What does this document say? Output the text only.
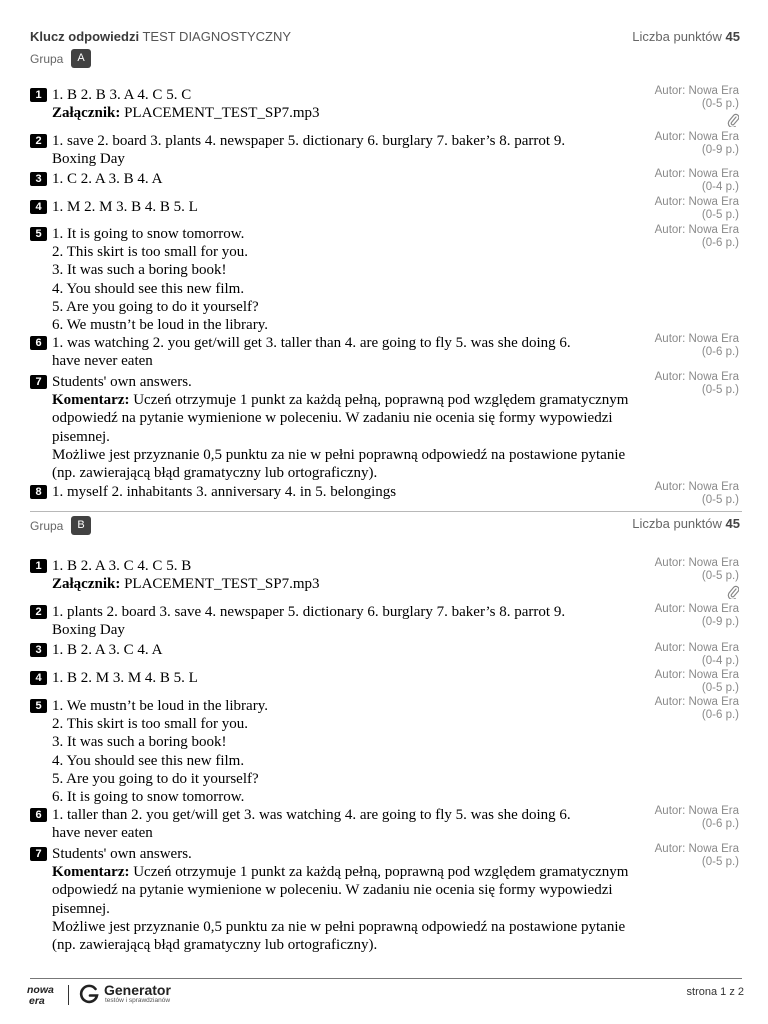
Klucz odpowiedzi TEST DIAGNOSTYCZNY	Liczba punktów 45
Grupa	A
1 1. B 2. B 3. A 4. C 5. C
Załącznik: PLACEMENT_TEST_SP7.mp3
Autor: Nowa Era
(0-5 p.)
2 1. save 2. board 3. plants 4. newspaper 5. dictionary 6. burglary 7. baker’s 8. parrot 9.
Boxing Day
Autor: Nowa Era
(0-9 p.)
3 1. C 2. A 3. B 4. A	Autor: Nowa Era
(0-4 p.)
4 1. M 2. M 3. B 4. B 5. L	Autor: Nowa Era
(0-5 p.)
5 1. It is going to snow tomorrow.
2. This skirt is too small for you.
3. It was such a boring book!
4. You should see this new film.
5. Are you going to do it yourself?
6. We mustn’t be loud in the library.
Autor: Nowa Era
(0-6 p.)
6 1. was watching 2. you get/will get 3. taller than 4. are going to fly 5. was she doing 6.
have never eaten
Autor: Nowa Era
(0-6 p.)
7 Students' own answers.
Komentarz: Uczeń otrzymuje 1 punkt za każdą pełną, poprawną pod względem gramatycznym odpowiedź na pytanie wymienione w poleceniu. W zadaniu nie ocenia się formy wypowiedzi pisemnej.
Możliwe jest przyznanie 0,5 punktu za nie w pełni poprawną odpowiedź na postawione pytanie (np. zawierającą błąd gramatyczny lub ortograficzny).
Autor: Nowa Era
(0-5 p.)
8 1. myself 2. inhabitants 3. anniversary 4. in 5. belongings	Autor: Nowa Era
(0-5 p.)
Grupa	B	Liczba punktów 45
1 1. B 2. A 3. C 4. C 5. B
Załącznik: PLACEMENT_TEST_SP7.mp3
Autor: Nowa Era
(0-5 p.)
2 1. plants 2. board 3. save 4. newspaper 5. dictionary 6. burglary 7. baker’s 8. parrot 9.
Boxing Day
Autor: Nowa Era
(0-9 p.)
3 1. B 2. A 3. C 4. A	Autor: Nowa Era
(0-4 p.)
4 1. B 2. M 3. M 4. B 5. L	Autor: Nowa Era
(0-5 p.)
5 1. We mustn’t be loud in the library.
2. This skirt is too small for you.
3. It was such a boring book!
4. You should see this new film.
5. Are you going to do it yourself?
6. It is going to snow tomorrow.
Autor: Nowa Era
(0-6 p.)
6 1. taller than 2. you get/will get 3. was watching 4. are going to fly 5. was she doing 6.
have never eaten
Autor: Nowa Era
(0-6 p.)
7 Students' own answers.
Komentarz: Uczeń otrzymuje 1 punkt za każdą pełną, poprawną pod względem gramatycznym odpowiedź na pytanie wymienione w poleceniu. W zadaniu nie ocenia się formy wypowiedzi pisemnej.
Możliwe jest przyznanie 0,5 punktu za nie w pełni poprawną odpowiedź na postawione pytanie (np. zawierającą błąd gramatyczny lub ortograficzny).
Autor: Nowa Era
(0-5 p.)
nowa
era
Generator
testów i sprawdzianów
strona 1 z 2
